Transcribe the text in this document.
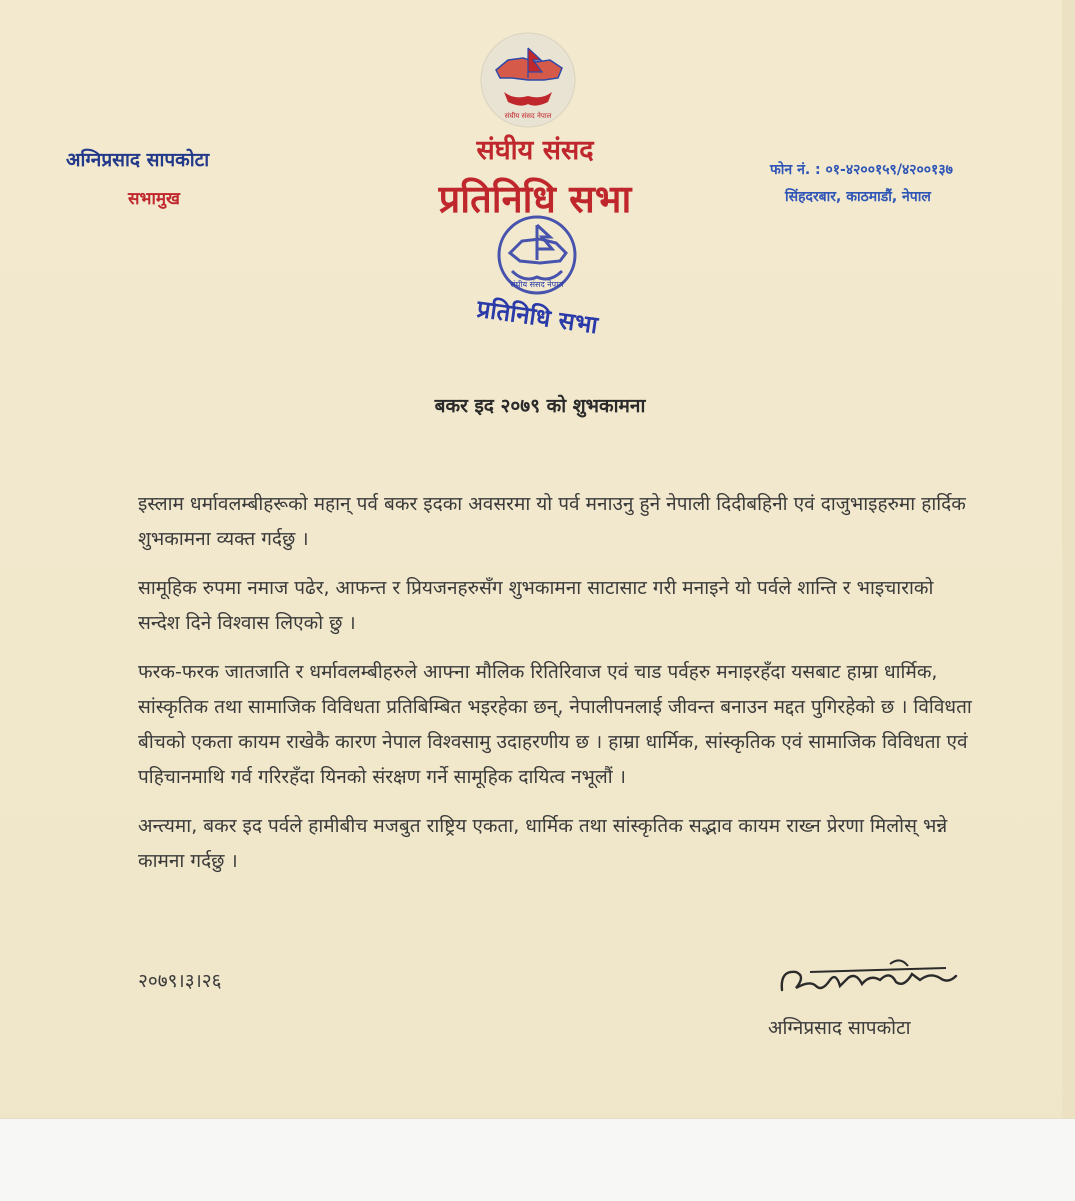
संघीय संसद नेपाल
अग्निप्रसाद सापकोटा
सभामुख
संघीय संसद
प्रतिनिधि सभा
फोन नं. : ०१-४२००१५९/४२००१३७
सिंहदरबार, काठमाडौं, नेपाल
संघीय संसद नेपाल
प्रतिनिधि सभा
बकर इद २०७९ को शुभकामना

इस्लाम धर्मावलम्बीहरूको महान् पर्व बकर इदका अवसरमा यो पर्व मनाउनु हुने नेपाली दिदीबहिनी एवं दाजुभाइहरुमा हार्दिक शुभकामना व्यक्त गर्दछु ।

सामूहिक रुपमा नमाज पढेर, आफन्त र प्रियजनहरुसँग शुभकामना साटासाट गरी मनाइने यो पर्वले शान्ति र भाइचाराको सन्देश दिने विश्वास लिएको छु ।

फरक-फरक जातजाति र धर्मावलम्बीहरुले आफ्ना मौलिक रितिरिवाज एवं चाड पर्वहरु मनाइरहँदा यसबाट हाम्रा धार्मिक, सांस्कृतिक तथा सामाजिक विविधता प्रतिबिम्बित भइरहेका छन्, नेपालीपनलाई जीवन्त बनाउन मद्दत पुगिरहेको छ । विविधता बीचको एकता कायम राखेकै कारण नेपाल विश्वसामु उदाहरणीय छ । हाम्रा धार्मिक, सांस्कृतिक एवं सामाजिक विविधता एवं पहिचानमाथि गर्व गरिरहँदा यिनको संरक्षण गर्ने सामूहिक दायित्व नभूलौं ।

अन्त्यमा, बकर इद पर्वले हामीबीच मजबुत राष्ट्रिय एकता, धार्मिक तथा सांस्कृतिक सद्भाव कायम राख्न प्रेरणा मिलोस् भन्ने कामना गर्दछु ।

२०७९।३।२६
अग्निप्रसाद सापकोटा
